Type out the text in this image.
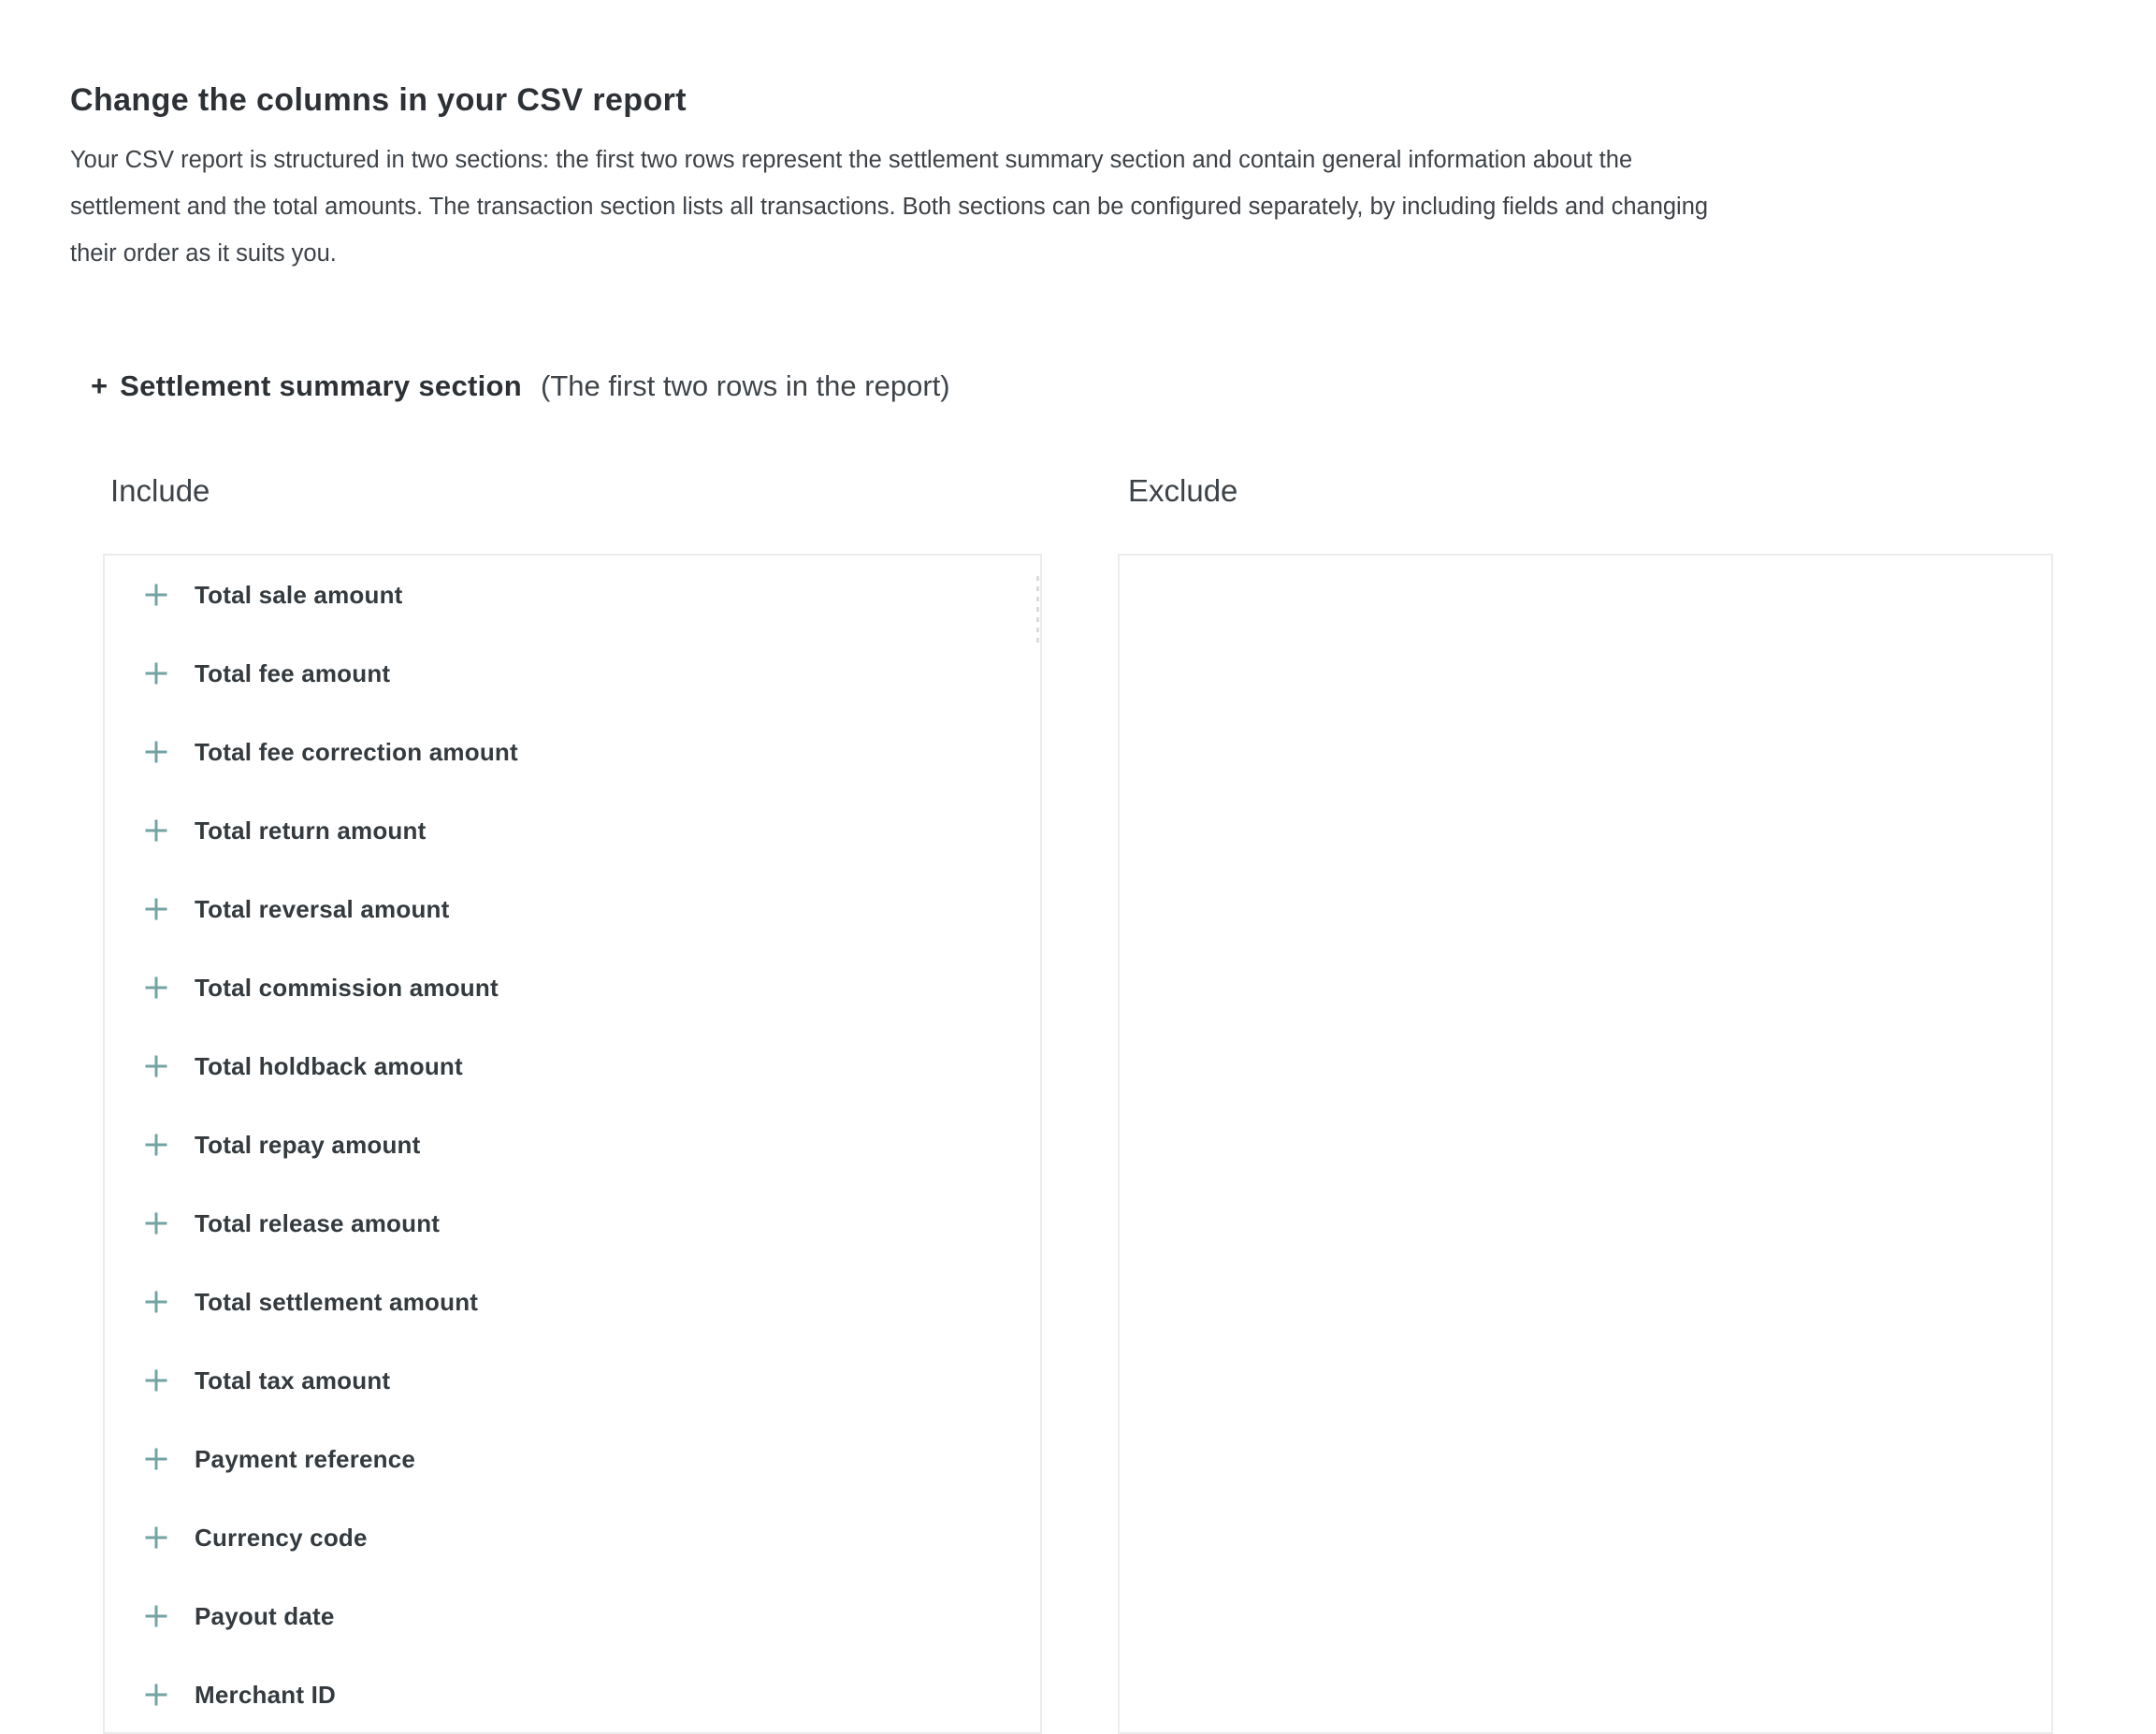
Change the columns in your CSV report
Your CSV report is structured in two sections: the first two rows represent the settlement summary section and contain general information about the
settlement and the total amounts. The transaction section lists all transactions. Both sections can be configured separately, by including fields and changing
their order as it suits you.
+ Settlement summary section (The first two rows in the report)
Include	Exclude
Total sale amount
Total fee amount
Total fee correction amount
Total return amount
Total reversal amount
Total commission amount
Total holdback amount
Total repay amount
Total release amount
Total settlement amount
Total tax amount
Payment reference
Currency code
Payout date
Merchant ID
